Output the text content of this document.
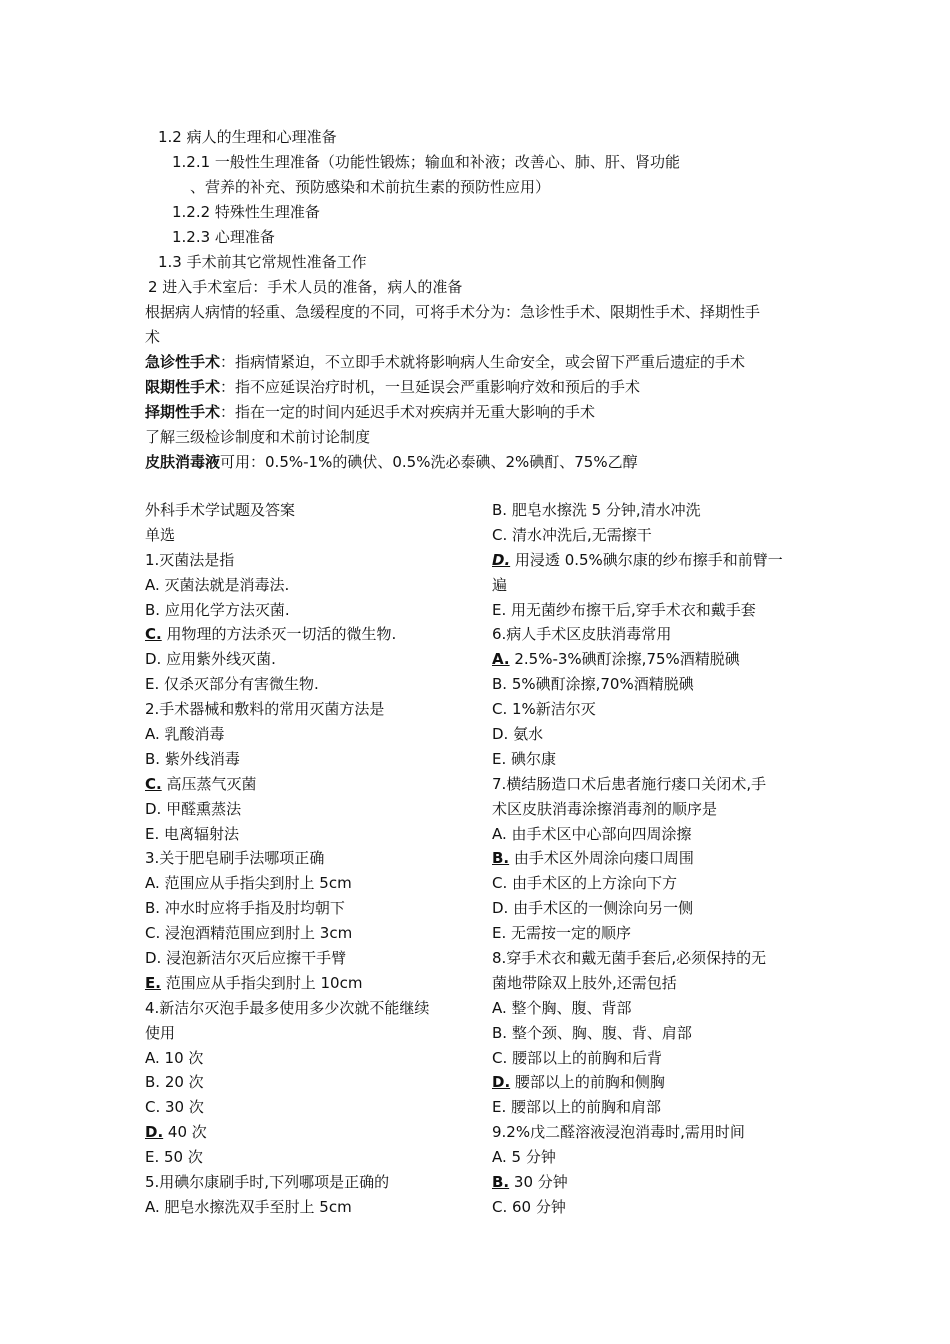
1.2 病人的生理和心理准备
1.2.1 一般性生理准备（功能性锻炼；输血和补液；改善心、肺、肝、肾功能
、营养的补充、预防感染和术前抗生素的预防性应用）
1.2.2 特殊性生理准备
1.2.3 心理准备
1.3 手术前其它常规性准备工作
2 进入手术室后：手术人员的准备，病人的准备
根据病人病情的轻重、急缓程度的不同，可将手术分为：急诊性手术、限期性手术、择期性手
术
急诊性手术：指病情紧迫，不立即手术就将影响病人生命安全，或会留下严重后遗症的手术
限期性手术：指不应延误治疗时机，一旦延误会严重影响疗效和预后的手术
择期性手术：指在一定的时间内延迟手术对疾病并无重大影响的手术
了解三级检诊制度和术前讨论制度
皮肤消毒液可用：0.5%-1%的碘伏、0.5%洗必泰碘、2%碘酊、75%乙醇
外科手术学试题及答案
单选
1.灭菌法是指
A. 灭菌法就是消毒法.
B. 应用化学方法灭菌.
C. 用物理的方法杀灭一切活的微生物.
D. 应用紫外线灭菌.
E. 仅杀灭部分有害微生物.
2.手术器械和敷料的常用灭菌方法是
A. 乳酸消毒
B. 紫外线消毒
C. 高压蒸气灭菌
D. 甲醛熏蒸法
E. 电离辐射法
3.关于肥皂刷手法哪项正确
A. 范围应从手指尖到肘上 5cm
B. 冲水时应将手指及肘均朝下
C. 浸泡酒精范围应到肘上 3cm
D. 浸泡新洁尔灭后应擦干手臂
E. 范围应从手指尖到肘上 10cm
4.新洁尔灭泡手最多使用多少次就不能继续
使用
A. 10 次
B. 20 次
C. 30 次
D. 40 次
E. 50 次
5.用碘尔康刷手时,下列哪项是正确的
A. 肥皂水擦洗双手至肘上 5cm
B. 肥皂水擦洗 5 分钟,清水冲洗
C. 清水冲洗后,无需擦干
D. 用浸透 0.5%碘尔康的纱布擦手和前臂一
遍
E. 用无菌纱布擦干后,穿手术衣和戴手套
6.病人手术区皮肤消毒常用
A. 2.5%-3%碘酊涂擦,75%酒精脱碘
B. 5%碘酊涂擦,70%酒精脱碘
C. 1%新洁尔灭
D. 氨水
E. 碘尔康
7.横结肠造口术后患者施行瘘口关闭术,手
术区皮肤消毒涂擦消毒剂的顺序是
A. 由手术区中心部向四周涂擦
B. 由手术区外周涂向瘘口周围
C. 由手术区的上方涂向下方
D. 由手术区的一侧涂向另一侧
E. 无需按一定的顺序
8.穿手术衣和戴无菌手套后,必须保持的无
菌地带除双上肢外,还需包括
A. 整个胸、腹、背部
B. 整个颈、胸、腹、背、肩部
C. 腰部以上的前胸和后背
D. 腰部以上的前胸和侧胸
E. 腰部以上的前胸和肩部
9.2%戊二醛溶液浸泡消毒时,需用时间
A. 5 分钟
B. 30 分钟
C. 60 分钟
